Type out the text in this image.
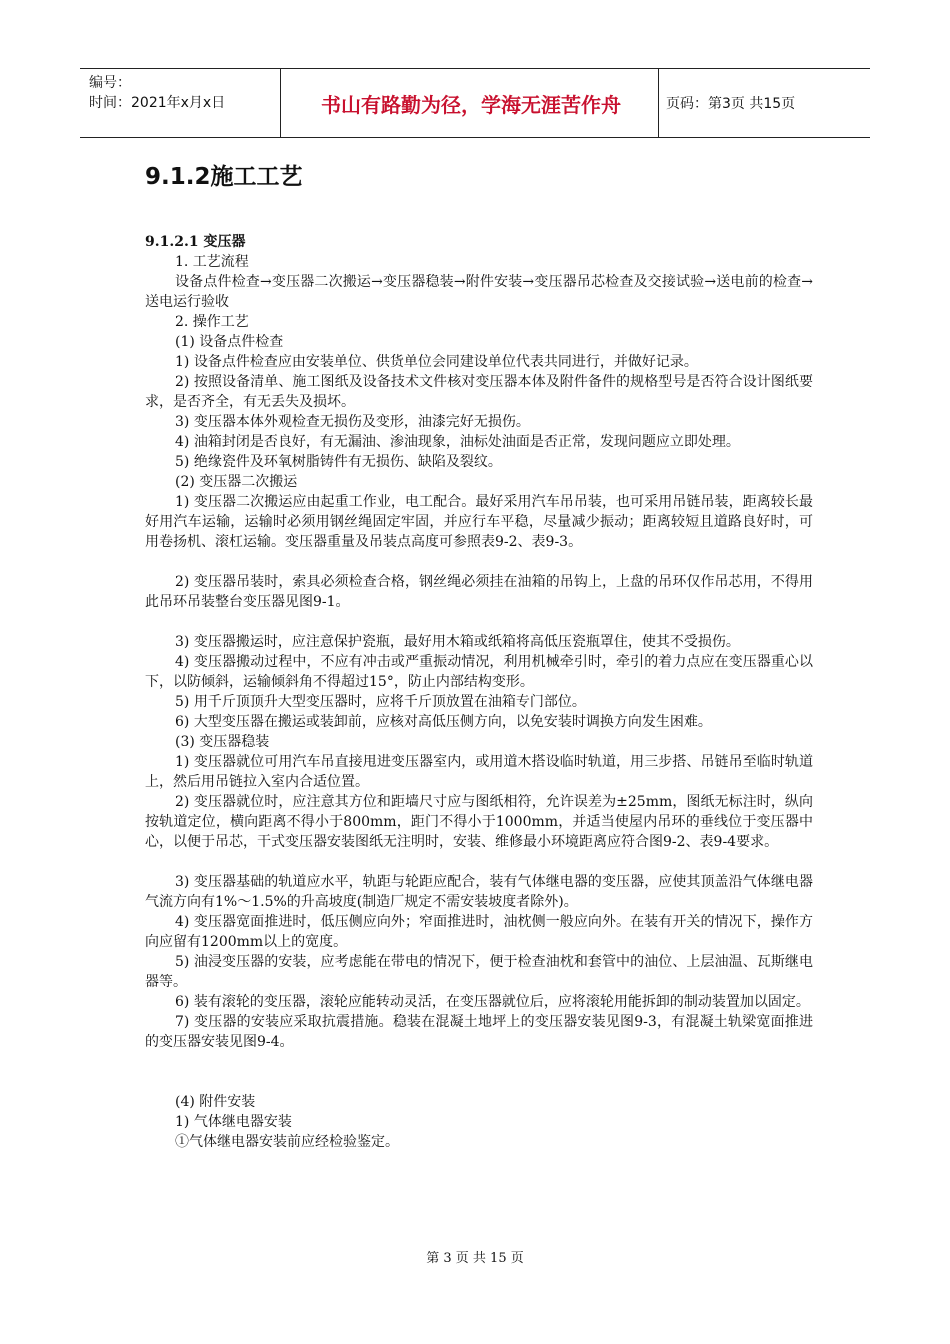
编号：
时间：2021年x月x日	书山有路勤为径，学海无涯苦作舟	页码：第3页 共15页
9.1.2施工工艺

9.1.2.1 变压器

1. 工艺流程

设备点件检查→变压器二次搬运→变压器稳装→附件安装→变压器吊芯检查及交接试验→送电前的检查→送电运行验收

2. 操作工艺

(1) 设备点件检查

1) 设备点件检查应由安装单位、供货单位会同建设单位代表共同进行，并做好记录。

2) 按照设备清单、施工图纸及设备技术文件核对变压器本体及附件备件的规格型号是否符合设计图纸要求，是否齐全，有无丢失及损坏。

3) 变压器本体外观检查无损伤及变形，油漆完好无损伤。

4) 油箱封闭是否良好，有无漏油、渗油现象，油标处油面是否正常，发现问题应立即处理。

5) 绝缘瓷件及环氧树脂铸件有无损伤、缺陷及裂纹。

(2) 变压器二次搬运

1) 变压器二次搬运应由起重工作业，电工配合。最好采用汽车吊吊装，也可采用吊链吊装，距离较长最好用汽车运输，运输时必须用钢丝绳固定牢固，并应行车平稳，尽量减少振动；距离较短且道路良好时，可用卷扬机、滚杠运输。变压器重量及吊装点高度可参照表9-2、表9-3。

2) 变压器吊装时，索具必须检查合格，钢丝绳必须挂在油箱的吊钩上，上盘的吊环仅作吊芯用，不得用此吊环吊装整台变压器见图9-1。

3) 变压器搬运时，应注意保护瓷瓶，最好用木箱或纸箱将高低压瓷瓶罩住，使其不受损伤。

4) 变压器搬动过程中，不应有冲击或严重振动情况，利用机械牵引时，牵引的着力点应在变压器重心以下，以防倾斜，运输倾斜角不得超过15°，防止内部结构变形。

5) 用千斤顶顶升大型变压器时，应将千斤顶放置在油箱专门部位。

6) 大型变压器在搬运或装卸前，应核对高低压侧方向，以免安装时调换方向发生困难。

(3) 变压器稳装

1) 变压器就位可用汽车吊直接甩进变压器室内，或用道木搭设临时轨道，用三步搭、吊链吊至临时轨道上，然后用吊链拉入室内合适位置。

2) 变压器就位时，应注意其方位和距墙尺寸应与图纸相符，允许误差为±25mm，图纸无标注时，纵向按轨道定位，横向距离不得小于800mm，距门不得小于1000mm，并适当使屋内吊环的垂线位于变压器中心，以便于吊芯，干式变压器安装图纸无注明时，安装、维修最小环境距离应符合图9-2、表9-4要求。

3) 变压器基础的轨道应水平，轨距与轮距应配合，装有气体继电器的变压器，应使其顶盖沿气体继电器气流方向有1%～1.5%的升高坡度(制造厂规定不需安装坡度者除外)。

4) 变压器宽面推进时，低压侧应向外；窄面推进时，油枕侧一般应向外。在装有开关的情况下，操作方向应留有1200mm以上的宽度。

5) 油浸变压器的安装，应考虑能在带电的情况下，便于检查油枕和套管中的油位、上层油温、瓦斯继电器等。

6) 装有滚轮的变压器，滚轮应能转动灵活，在变压器就位后，应将滚轮用能拆卸的制动装置加以固定。

7) 变压器的安装应采取抗震措施。稳装在混凝土地坪上的变压器安装见图9-3，有混凝土轨梁宽面推进的变压器安装见图9-4。

(4) 附件安装

1) 气体继电器安装

①气体继电器安装前应经检验鉴定。

第 3 页 共 15 页
